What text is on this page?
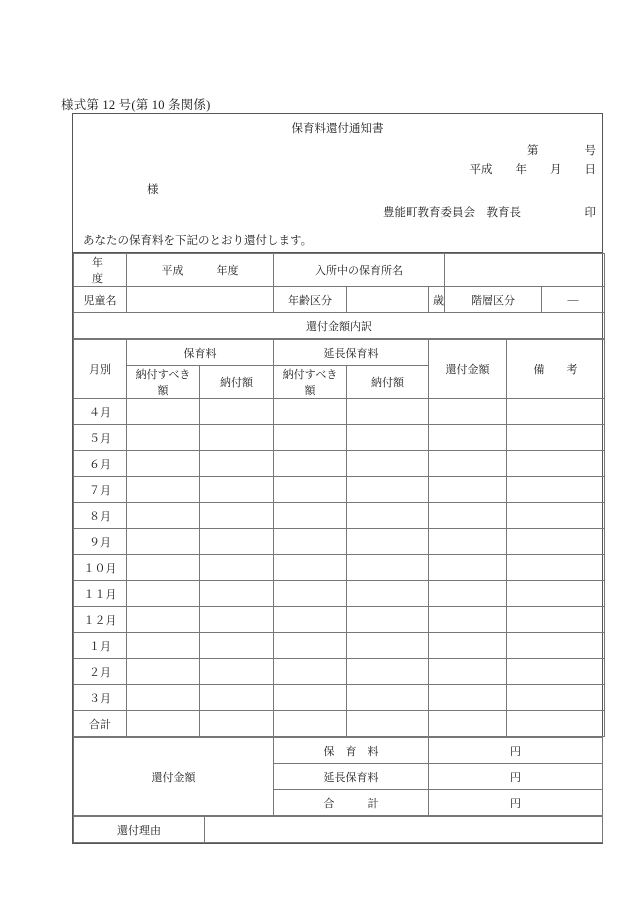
様式第 12 号(第 10 条関係)
保育料還付通知書
第　　　　号
平成　　年　　月　　日
様
豊能町教育委員会　教育長	印
あなたの保育料を下記のとおり還付します。
年　　度	平成　　　年度	入所中の保育所名				
児童名		年齢区分		歳	階層区分	—
還付金額内訳						
月別	保育料		延長保育料		還付金額	備　　考
	納付すべき額	納付額	納付すべき額	納付額		
４月						
５月						
６月						
７月						
８月						
９月						
１０月						
１１月						
１２月						
１月						
２月						
３月						
合計						
還付金額	保　育　料	円
	延長保育料	円
	合　　　計	円
還付理由	
